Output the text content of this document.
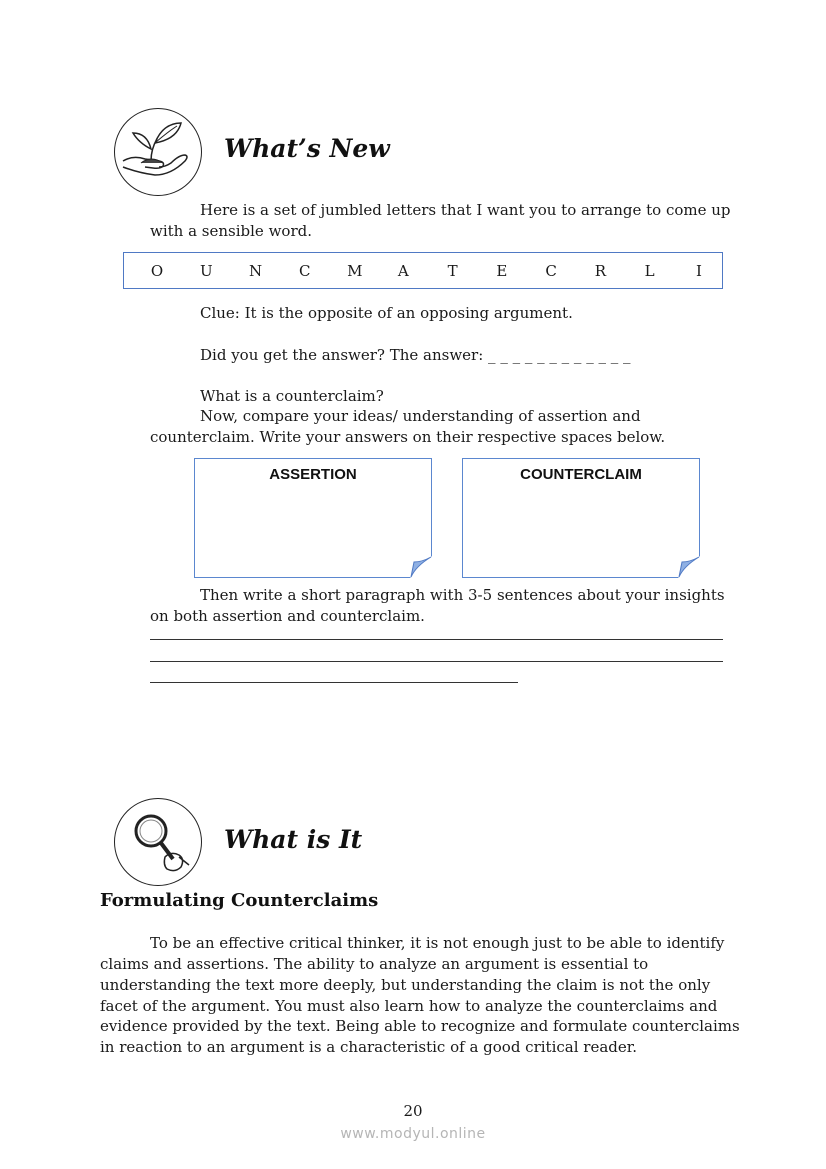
What’s New
Here is a set of jumbled letters that I want you to arrange to come up
with a sensible word.
O U N C M A	T	E	C	R	L	I
Clue: It is the opposite of an opposing argument.
Did you get the answer? The answer: _ _ _ _ _ _ _ _ _ _ _ _
What is a counterclaim?
Now, compare your ideas/ understanding of assertion and
counterclaim. Write your answers on their respective spaces below.
ASSERTION	COUNTERCLAIM
Then write a short paragraph with 3-5 sentences about your insights
on both assertion and counterclaim.
What is It
Formulating Counterclaims
To be an effective critical thinker, it is not enough just to be able to identify
claims and assertions. The ability to analyze an argument is essential to
understanding the text more deeply, but understanding the claim is not the only
facet of the argument. You must also learn how to analyze the counterclaims and
evidence provided by the text. Being able to recognize and formulate counterclaims
in reaction to an argument is a characteristic of a good critical reader.
20
www.modyul.online
